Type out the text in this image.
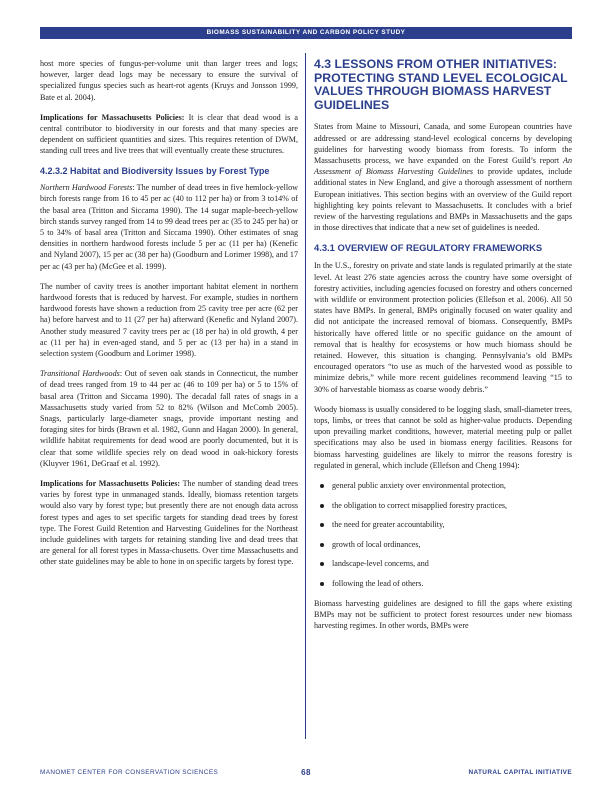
BIOMASS SUSTAINABILITY AND CARBON POLICY STUDY

host more species of fungus-per-volume unit than larger trees and logs; however, larger dead logs may be necessary to ensure the survival of specialized fungus species such as heart-rot agents (Kruys and Jonsson 1999, Bate et al. 2004).

Implications for Massachusetts Policies: It is clear that dead wood is a central contributor to biodiversity in our forests and that many species are dependent on sufficient quantities and sizes. This requires retention of DWM, standing cull trees and live trees that will eventually create these structures.

4.2.3.2 Habitat and Biodiversity Issues by Forest Type

Northern Hardwood Forests: The number of dead trees in five hemlock-yellow birch forests range from 16 to 45 per ac (40 to 112 per ha) or from 3 to14% of the basal area (Tritton and Siccama 1990). The 14 sugar maple-beech-yellow birch stands survey ranged from 14 to 99 dead trees per ac (35 to 245 per ha) or 5 to 34% of basal area (Tritton and Siccama 1990). Other estimates of snag densities in northern hardwood forests include 5 per ac (11 per ha) (Kenefic and Nyland 2007), 15 per ac (38 per ha) (Goodburn and Lorimer 1998), and 17 per ac (43 per ha) (McGee et al. 1999).

The number of cavity trees is another important habitat element in northern hardwood forests that is reduced by harvest. For example, studies in northern hardwood forests have shown a reduction from 25 cavity tree per acre (62 per ha) before harvest and to 11 (27 per ha) afterward (Kenefic and Nyland 2007). Another study measured 7 cavity trees per ac (18 per ha) in old growth, 4 per ac (11 per ha) in even-aged stand, and 5 per ac (13 per ha) in a stand in selection system (Goodburn and Lorimer 1998).

Transitional Hardwoods: Out of seven oak stands in Connecticut, the number of dead trees ranged from 19 to 44 per ac (46 to 109 per ha) or 5 to 15% of basal area (Tritton and Siccama 1990). The decadal fall rates of snags in a Massachusetts study varied from 52 to 82% (Wilson and McComb 2005). Snags, particularly large-diameter snags, provide important nesting and foraging sites for birds (Brawn et al. 1982, Gunn and Hagan 2000). In general, wildlife habitat requirements for dead wood are poorly documented, but it is clear that some wildlife species rely on dead wood in oak-hickory forests (Kluyver 1961, DeGraaf et al. 1992).

Implications for Massachusetts Policies: The number of standing dead trees varies by forest type in unmanaged stands. Ideally, biomass retention targets would also vary by forest type; but presently there are not enough data across forest types and ages to set specific targets for standing dead trees by forest type. The Forest Guild Retention and Harvesting Guidelines for the Northeast include guidelines with targets for retaining standing live and dead trees that are general for all forest types in Massa-chusetts. Over time Massachusetts and other state guidelines may be able to hone in on specific targets by forest type.

4.3 LESSONS FROM OTHER INITIATIVES: PROTECTING STAND LEVEL ECOLOGICAL VALUES THROUGH BIOMASS HARVEST GUIDELINES

States from Maine to Missouri, Canada, and some European countries have addressed or are addressing stand-level ecological concerns by developing guidelines for harvesting woody biomass from forests. To inform the Massachusetts process, we have expanded on the Forest Guild’s report An Assessment of Biomass Harvesting Guidelines to provide updates, include additional states in New England, and give a thorough assessment of northern European initiatives. This section begins with an overview of the Guild report highlighting key points relevant to Massachusetts. It concludes with a brief review of the harvesting regulations and BMPs in Massachusetts and the gaps in those directives that indicate that a new set of guidelines is needed.

4.3.1 OVERVIEW OF REGULATORY FRAMEWORKS

In the U.S., forestry on private and state lands is regulated primarily at the state level. At least 276 state agencies across the country have some oversight of forestry activities, including agencies focused on forestry and others concerned with wildlife or environment protection policies (Ellefson et al. 2006). All 50 states have BMPs. In general, BMPs originally focused on water quality and did not anticipate the increased removal of biomass. Consequently, BMPs historically have offered little or no specific guidance on the amount of removal that is healthy for ecosystems or how much biomass should be retained. However, this situation is changing. Pennsylvania’s old BMPs encouraged operators “to use as much of the harvested wood as possible to minimize debris,” while more recent guidelines recommend leaving “15 to 30% of harvestable biomass as coarse woody debris.”

Woody biomass is usually considered to be logging slash, small-diameter trees, tops, limbs, or trees that cannot be sold as higher-value products. Depending upon prevailing market conditions, however, material meeting pulp or pallet specifications may also be used in biomass energy facilities. Reasons for biomass harvesting guidelines are likely to mirror the reasons forestry is regulated in general, which include (Ellefson and Cheng 1994):

general public anxiety over environmental protection,
the obligation to correct misapplied forestry practices,
the need for greater accountability,
growth of local ordinances,
landscape-level concerns, and
following the lead of others.

Biomass harvesting guidelines are designed to fill the gaps where existing BMPs may not be sufficient to protect forest resources under new biomass harvesting regimes. In other words, BMPs were

MANOMET CENTER FOR CONSERVATION SCIENCES	68	NATURAL CAPITAL INITIATIVE
